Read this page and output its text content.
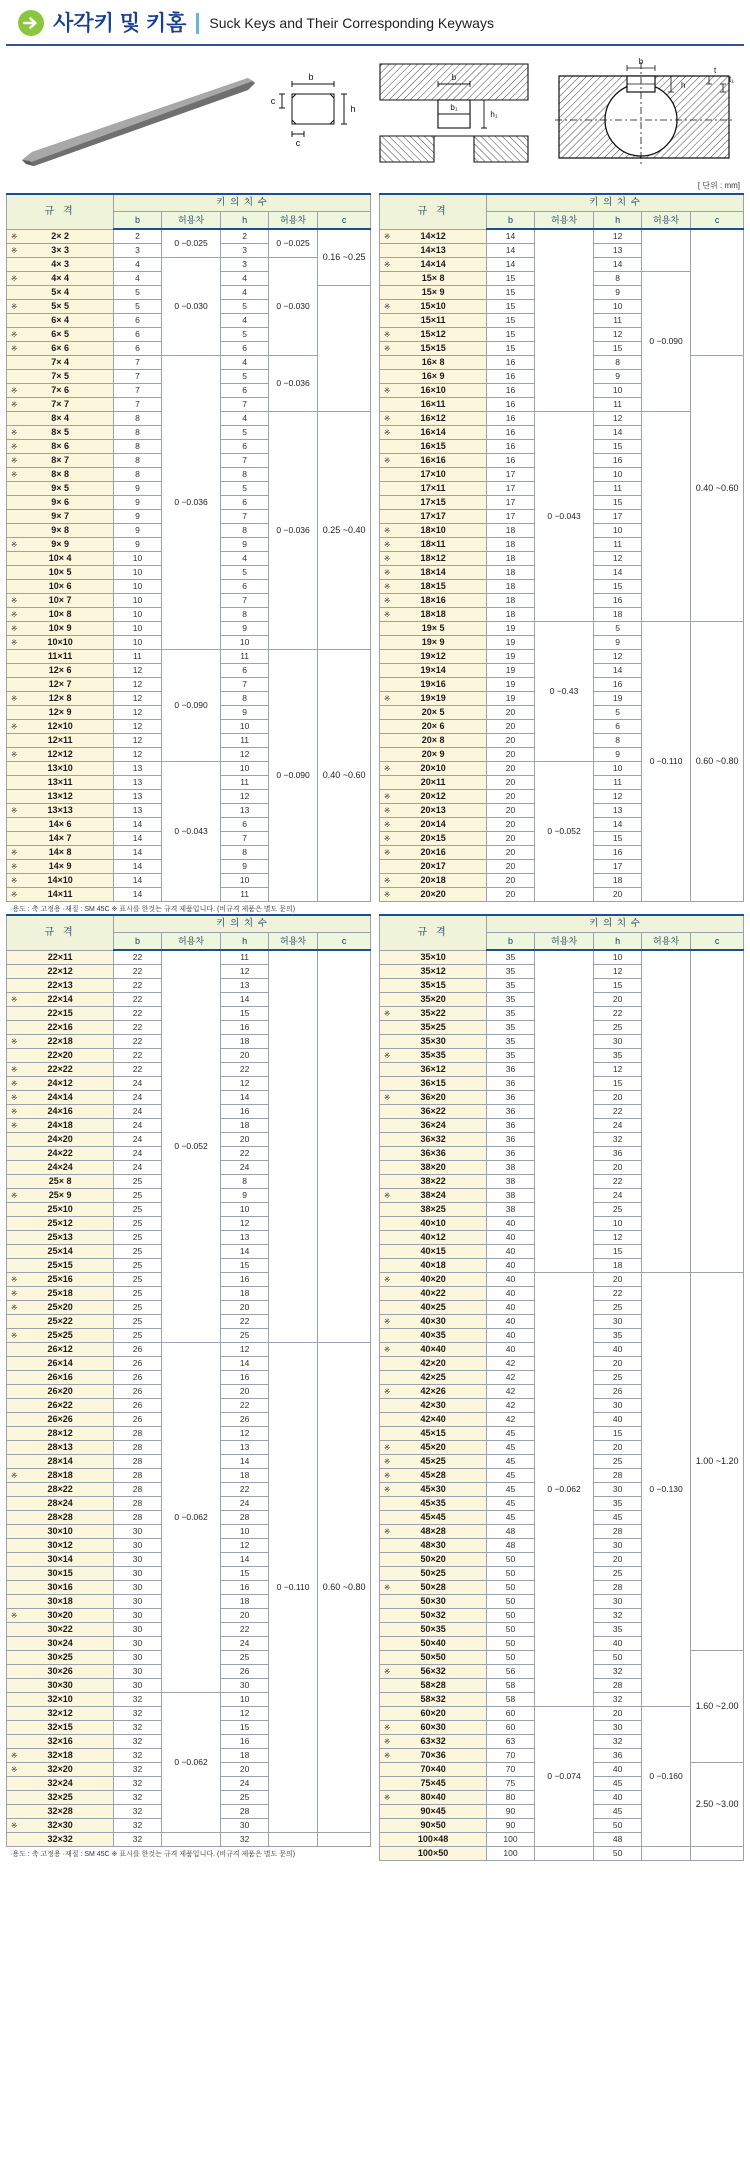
사각키 및 키홈 Suck Keys and Their Corresponding Keyways
b
h
c
c
b
b₁
h₁
h
t
t₁
b
[ 단위 : mm]
규 격	키 의 치 수				
	b	허용차	h	허용차	c

※ 2× 2	2	0 −0.025	2	0 −0.025	0.16 ~0.25

※ 3× 3	3		3		
4× 3	4	0 −0.030	3	0 −0.030	

※ 4× 4	4		4		
5× 4	5		4		

※ 5× 5	5		5		
6× 4	6		4		

※ 6× 5	6		5		

※ 6× 6	6		6		
7× 4	7	0 −0.036	4	0 −0.036	
7× 5	7		5		

※ 7× 6	7		6		

※ 7× 7	7		7		
8× 4	8		4	0 −0.036	0.25 ~0.40

※ 8× 5	8		5		

※ 8× 6	8		6		

※ 8× 7	8		7		

※ 8× 8	8		8		
9× 5	9		5		
9× 6	9		6		
9× 7	9		7		
9× 8	9		8		

※ 9× 9	9		9		
10× 4	10		4		
10× 5	10		5		
10× 6	10		6		

※ 10× 7	10		7		

※ 10× 8	10		8		

※ 10× 9	10		9		

※ 10×10	10		10		
11×11	11	0 −0.090	11	0 −0.090	0.40 ~0.60
12× 6	12		6		
12× 7	12		7		

※ 12× 8	12		8		
12× 9	12		9		

※ 12×10	12		10		
12×11	12		11		

※ 12×12	12		12		
13×10	13	0 −0.043	10		
13×11	13		11		
13×12	13		12		

※ 13×13	13		13		
14× 6	14		6		
14× 7	14		7		

※ 14× 8	14		8		

※ 14× 9	14		9		

※ 14×10	14		10		

※ 14×11	14		11		
·용도 : 축 고정용 ·재질 : SM 45C ※ 표시를 한것는 규격 제품입니다. (비규격 제품은 별도 문의)
규 격	키 의 치 수				
	b	허용차	h	허용차	c

※ 14×12	14		12		
14×13	14		13		

※ 14×14	14		14		
15× 8	15		8	0 −0.090	
15× 9	15		9		

※ 15×10	15		10		
15×11	15		11		

※ 15×12	15		12		

※ 15×15	15		15		
16× 8	16		8		0.40 ~0.60
16× 9	16		9		

※ 16×10	16		10		
16×11	16		11		

※ 16×12	16	0 −0.043	12		

※ 16×14	16		14		
16×15	16		15		

※ 16×16	16		16		
17×10	17		10		
17×11	17		11		
17×15	17		15		
17×17	17		17		

※ 18×10	18		10		

※ 18×11	18		11		

※ 18×12	18		12		

※ 18×14	18		14		

※ 18×15	18		15		

※ 18×16	18		16		

※ 18×18	18		18		
19× 5	19	0 −0.43	5	0 −0.110	0.60 ~0.80
19× 9	19		9		
19×12	19		12		
19×14	19		14		
19×16	19		16		

※ 19×19	19		19		
20× 5	20		5		
20× 6	20		6		
20× 8	20		8		
20× 9	20		9		

※ 20×10	20	0 −0.052	10		
20×11	20		11		

※ 20×12	20		12		

※ 20×13	20		13		

※ 20×14	20		14		

※ 20×15	20		15		

※ 20×16	20		16		
20×17	20		17		

※ 20×18	20		18		

※ 20×20	20		20		
규 격	키 의 치 수				
	b	허용차	h	허용차	c
22×11	22	0 −0.052	11		
22×12	22		12		
22×13	22		13		

※ 22×14	22		14		
22×15	22		15		
22×16	22		16		

※ 22×18	22		18		
22×20	22		20		

※ 22×22	22		22		

※ 24×12	24		12		

※ 24×14	24		14		

※ 24×16	24		16		

※ 24×18	24		18		
24×20	24		20		
24×22	24		22		
24×24	24		24		
25× 8	25		8		

※ 25× 9	25		9		
25×10	25		10		
25×12	25		12		
25×13	25		13		
25×14	25		14		
25×15	25		15		

※ 25×16	25		16		

※ 25×18	25		18		

※ 25×20	25		20		
25×22	25		22		

※ 25×25	25		25		
26×12	26	0 −0.062	12	0 −0.110	0.60 ~0.80
26×14	26		14		
26×16	26		16		
26×20	26		20		
26×22	26		22		
26×26	26		26		
28×12	28		12		
28×13	28		13		
28×14	28		14		

※ 28×18	28		18		
28×22	28		22		
28×24	28		24		
28×28	28		28		
30×10	30		10		
30×12	30		12		
30×14	30		14		
30×15	30		15		
30×16	30		16		
30×18	30		18		

※ 30×20	30		20		
30×22	30		22		
30×24	30		24		
30×25	30		25		
30×26	30		26		
30×30	30		30		
32×10	32	0 −0.062	10		
32×12	32		12		
32×15	32		15		
32×16	32		16		

※ 32×18	32		18		

※ 32×20	32		20		
32×24	32		24		
32×25	32		25		
32×28	32		28		

※ 32×30	32		30		
32×32	32		32		
·용도 : 축 고정용 ·재질 : SM 45C ※ 표시를 한것는 규격 제품입니다. (비규격 제품은 별도 문의)
규 격	키 의 치 수				
	b	허용차	h	허용차	c
35×10	35		10		
35×12	35		12		
35×15	35		15		
35×20	35		20		

※ 35×22	35		22		
35×25	35		25		
35×30	35		30		

※ 35×35	35		35		
36×12	36		12		
36×15	36		15		

※ 36×20	36		20		
36×22	36		22		
36×24	36		24		
36×32	36		32		
36×36	36		36		
38×20	38		20		
38×22	38		22		

※ 38×24	38		24		
38×25	38		25		
40×10	40		10		
40×12	40		12		
40×15	40		15		
40×18	40		18		

※ 40×20	40	0 −0.062	20	0 −0.130	1.00 ~1.20
40×22	40		22		
40×25	40		25		

※ 40×30	40		30		
40×35	40		35		

※ 40×40	40		40		
42×20	42		20		
42×25	42		25		

※ 42×26	42		26		
42×30	42		30		
42×40	42		40		
45×15	45		15		

※ 45×20	45		20		

※ 45×25	45		25		

※ 45×28	45		28		

※ 45×30	45		30		
45×35	45		35		
45×45	45		45		

※ 48×28	48		28		
48×30	48		30		
50×20	50		20		
50×25	50		25		

※ 50×28	50		28		
50×30	50		30		
50×32	50		32		
50×35	50		35		
50×40	50		40		
50×50	50		50		1.60 ~2.00

※ 56×32	56		32		
58×28	58		28		
58×32	58		32		
60×20	60	0 −0.074	20	0 −0.160	

※ 60×30	60		30		

※ 63×32	63		32		

※ 70×36	70		36		
70×40	70		40		2.50 ~3.00
75×45	75		45		

※ 80×40	80		40		
90×45	90		45		
90×50	90		50		
100×48	100		48		
100×50	100		50		
